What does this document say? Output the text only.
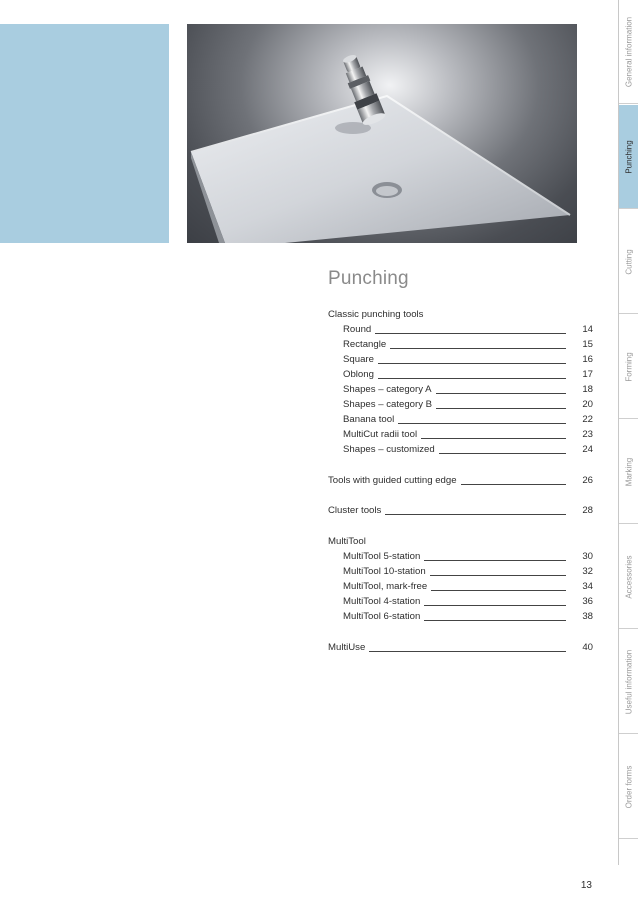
Punching
Classic punching tools
Round	14
Rectangle	15
Square	16
Oblong	17
Shapes – category A	18
Shapes – category B	20
Banana tool	22
MultiCut radii tool	23
Shapes – customized	24
Tools with guided cutting edge	26
Cluster tools	28
MultiTool
MultiTool 5-station	30
MultiTool 10-station	32
MultiTool, mark-free	34
MultiTool 4-station	36
MultiTool 6-station	38
MultiUse	40
General information
Punching
Cutting
Forming
Marking
Accessories
Useful information
Order forms
13
